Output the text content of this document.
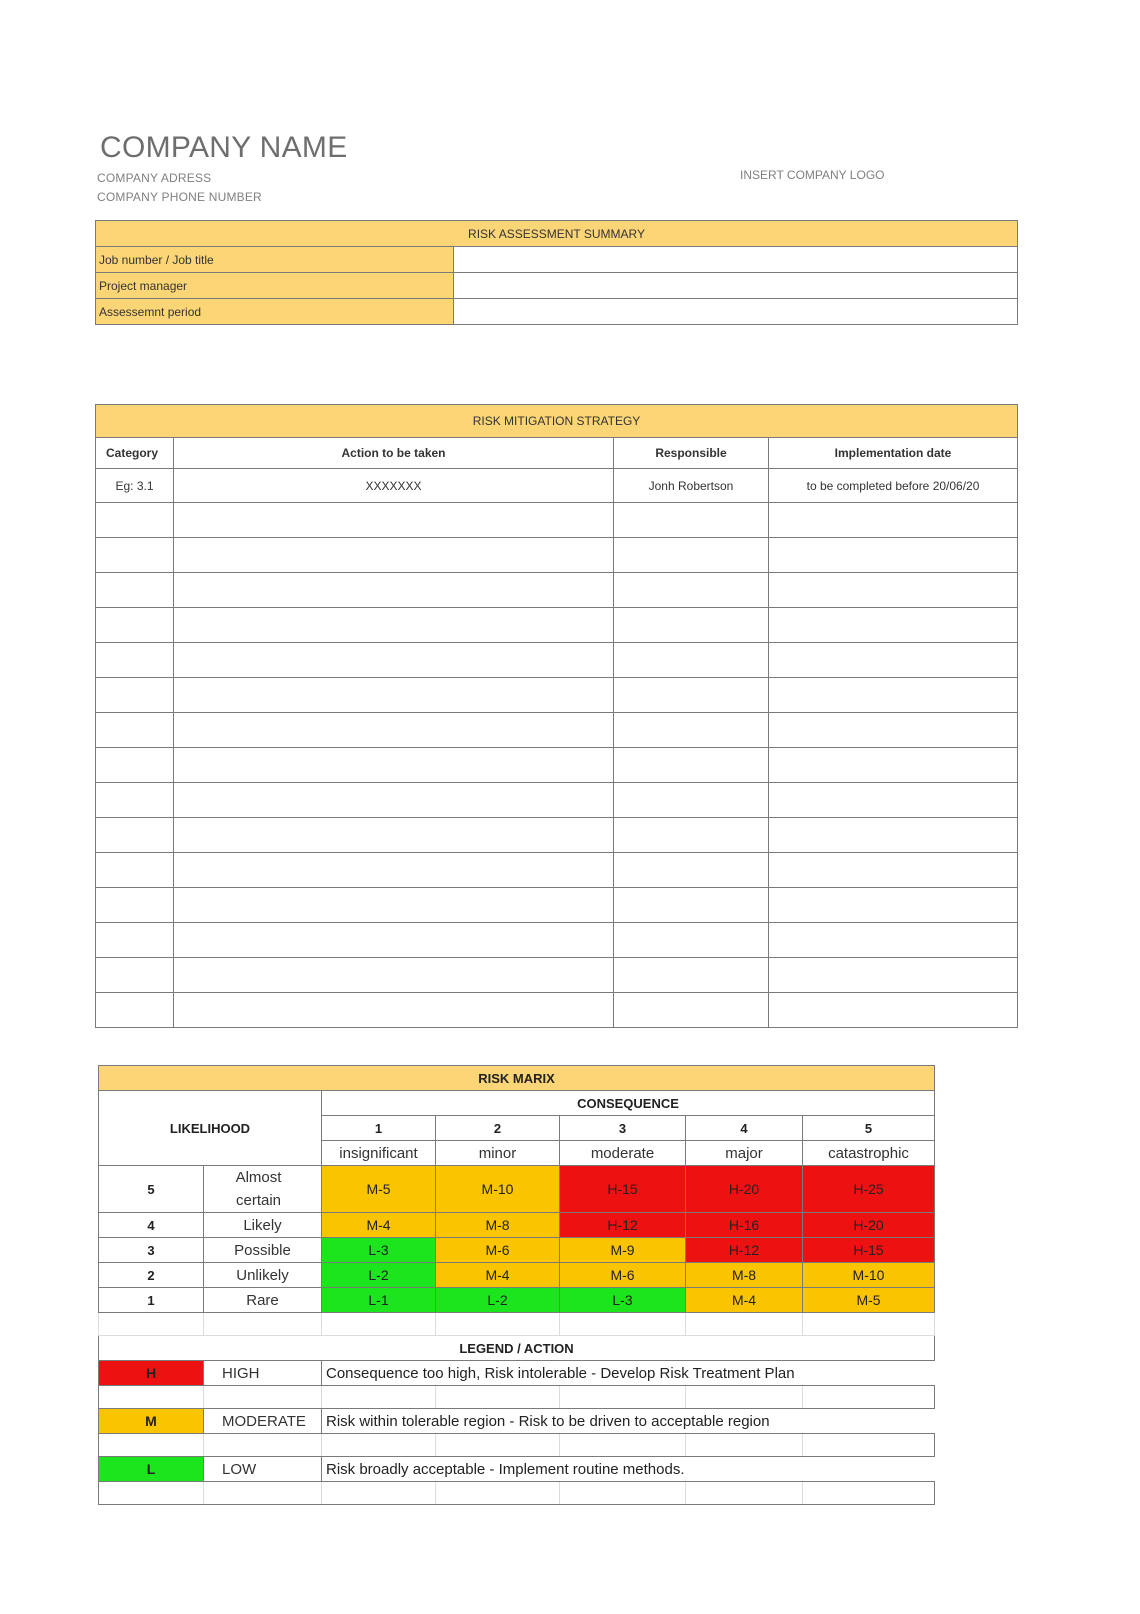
COMPANY NAME
COMPANY ADRESS
COMPANY PHONE NUMBER
INSERT COMPANY LOGO
RISK ASSESSMENT SUMMARY	
Job number / Job title	
Project manager	
Assessemnt period	
RISK MITIGATION STRATEGY			
Category	Action to be taken	Responsible	Implementation date
Eg: 3.1	XXXXXXX	Jonh Robertson	to be completed before 20/06/20

RISK MARIX						
LIKELIHOOD		CONSEQUENCE				
		1	2	3	4	5
		insignificant	minor	moderate	major	catastrophic
5	Almost certain	M-5	M-10	H-15	H-20	H-25
4	Likely	M-4	M-8	H-12	H-16	H-20
3	Possible	L-3	M-6	M-9	H-12	H-15
2	Unlikely	L-2	M-4	M-6	M-8	M-10
1	Rare	L-1	L-2	L-3	M-4	M-5

LEGEND / ACTION						
H	HIGH	Consequence too high, Risk intolerable - Develop Risk Treatment Plan				

M	MODERATE	Risk within tolerable region - Risk to be driven to acceptable region				

L	LOW	Risk broadly acceptable - Implement routine methods.				
